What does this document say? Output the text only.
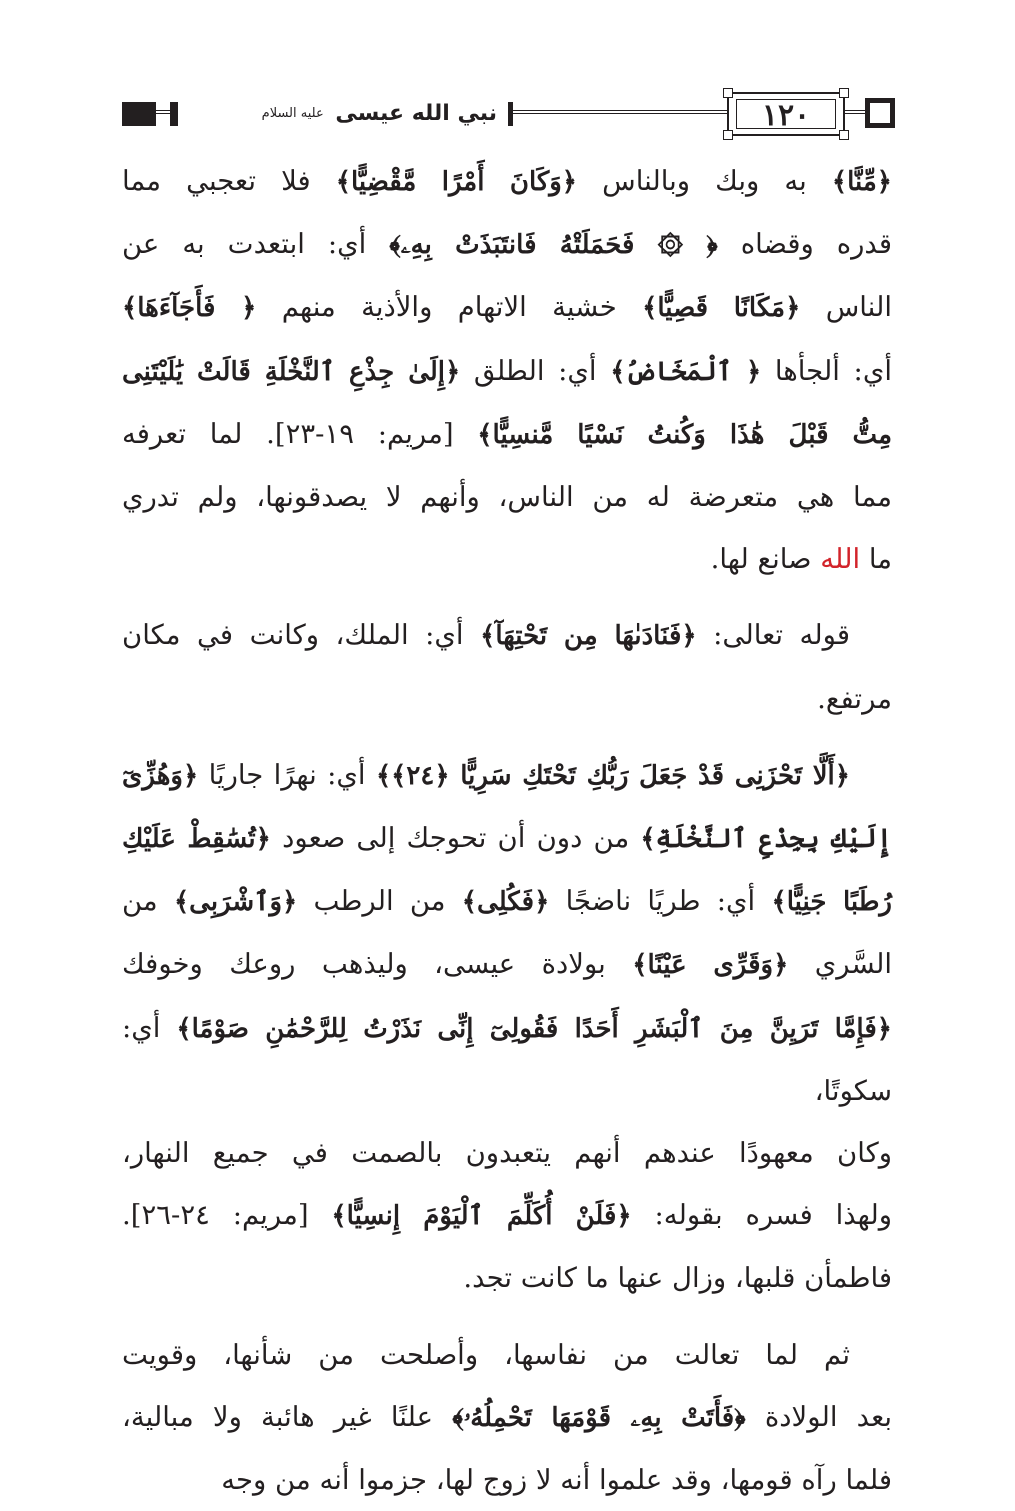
نبي الله عيسى عليه السلام	١٢٠

﴿مِّنَّا﴾ به وبك وبالناس ﴿وَكَانَ أَمْرًا مَّقْضِيًّا﴾ فلا تعجبي مما
قدره وقضاه ﴿ ۞ فَحَمَلَتْهُ فَانتَبَذَتْ بِهِۦ﴾ أي: ابتعدت به عن
الناس ﴿مَكَانًا قَصِيًّا﴾ خشية الاتهام والأذية منهم ﴿ فَأَجَآءَهَا﴾
أي: ألجأها ﴿ ٱلْمَخَاضُ﴾ أي: الطلق ﴿إِلَىٰ جِذْعِ ٱلنَّخْلَةِ قَالَتْ يَٰلَيْتَنِى
مِتُّ قَبْلَ هَٰذَا وَكُنتُ نَسْيًا مَّنسِيًّا﴾ [مريم: ١٩-٢٣]. لما تعرفه
مما هي متعرضة له من الناس، وأنهم لا يصدقونها، ولم تدري
ما الله صانع لها.

قوله تعالى: ﴿فَنَادَىٰهَا مِن تَحْتِهَآ﴾ أي: الملك، وكانت في مكان
مرتفع.

﴿أَلَّا تَحْزَنِى قَدْ جَعَلَ رَبُّكِ تَحْتَكِ سَرِيًّا ﴿٢٤﴾﴾ أي: نهرًا جاريًا ﴿وَهُزِّىٓ
إِلَيْكِ بِجِذْعِ ٱلنَّخْلَةِ﴾ من دون أن تحوجك إلى صعود ﴿تُسَٰقِطْ عَلَيْكِ
رُطَبًا جَنِيًّا﴾ أي: طريًا ناضجًا ﴿فَكُلِى﴾ من الرطب ﴿وَٱشْرَبِى﴾ من
السَّري ﴿وَقَرِّى عَيْنًا﴾ بولادة عيسى، وليذهب روعك وخوفك
﴿فَإِمَّا تَرَيِنَّ مِنَ ٱلْبَشَرِ أَحَدًا فَقُولِىٓ إِنِّى نَذَرْتُ لِلرَّحْمَٰنِ صَوْمًا﴾ أي: سكوتًا،
وكان معهودًا عندهم أنهم يتعبدون بالصمت في جميع النهار،
ولهذا فسره بقوله: ﴿فَلَنْ أُكَلِّمَ ٱلْيَوْمَ إِنسِيًّا﴾ [مريم: ٢٤-٢٦].
فاطمأن قلبها، وزال عنها ما كانت تجد.

ثم لما تعالت من نفاسها، وأصلحت من شأنها، وقويت
بعد الولادة ﴿فَأَتَتْ بِهِۦ قَوْمَهَا تَحْمِلُهُۥ﴾ علنًا غير هائبة ولا مبالية،
فلما رآه قومها، وقد علموا أنه لا زوج لها، جزموا أنه من وجه
